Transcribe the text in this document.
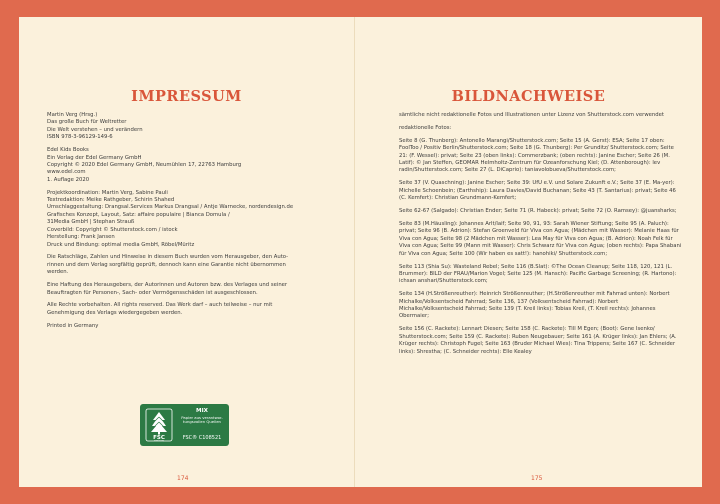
IMPRESSUM
Martin Verg (Hrsg.)
Das große Buch für Weltretter
Die Welt verstehen – und verändern
ISBN 978-3-96129-149-6
Edel Kids Books
Ein Verlag der Edel Germany GmbH
Copyright © 2020 Edel Germany GmbH, Neumühlen 17, 22763 Hamburg
www.edel.com
1. Auflage 2020
Projektkoordination: Martin Verg, Sabine Pauli
Textredaktion: Meike Rathgeber, Schirin Shahed
Umschlaggestaltung: Drangsal.Services Markus Drangsal / Antje Warnecke, nordendesign.de
Grafisches Konzept, Layout, Satz: affaire populaire | Bianca Domula /
31Media GmbH | Stephan Strauß
Coverbild: Copyright © Shutterstock.com / istock
Herstellung: Frank Jansen
Druck und Bindung: optimal media GmbH, Röbel/Müritz
Die Ratschläge, Zahlen und Hinweise in diesem Buch wurden vom Herausgeber, den Auto-
rinnen und dem Verlag sorgfältig geprüft, dennoch kann eine Garantie nicht übernommen
werden.
Eine Haftung des Herausgebers, der Autorinnen und Autoren bzw. des Verlages und seiner
Beauftragten für Personen-, Sach- oder Vermögensschäden ist ausgeschlossen.
Alle Rechte vorbehalten. All rights reserved. Das Werk darf – auch teilweise – nur mit
Genehmigung des Verlags wiedergegeben werden.
Printed in Germany
FSC
www.fsc.org
MIX
Papier aus verantwor-
tungsvollen Quellen
FSC® C108521
174
BILDNACHWEISE
sämtliche nicht redaktionelle Fotos und Illustrationen unter Lizenz von Shutterstock.com verwendet
redaktionelle Fotos:
Seite 8 (G. Thunberg): Antonello Marangi/Shutterstock.com; Seite 15 (A. Gerst): ESA; Seite 17 oben: FoolToo / Positiv Berlin/Shutterstock.com; Seite 18 (G. Thunberg): Per Grunditz/ Shutterstock.com; Seite 21: (F. Wessel): privat; Seite 23 (oben links): Commerzbank; (oben rechts): Janine Escher; Seite 26 (M. Latif): © Jan Steffen, GEOMAR Helmholtz-Zentrum für Ozeanforschung Kiel; (D. Attenborough): lev radin/Shutterstock.com; Seite 27 (L. DiCaprio): taniavolobueva/Shutterstock.com;
Seite 37 (V. Quaschning): Janine Escher; Seite 39: UfU e.V. und Solare Zukunft e.V.; Seite 37 (E. Ma-yer): Michelle Schoenbein; (Earthship): Laura Davies/David Buchanan; Seite 43 (T. Santarius): privat; Seite 46 (C. Kemfert): Christian Grundmann-Kemfert;
Seite 62-67 (Salgado): Christian Ender; Seite 71 (R. Habeck): privat; Seite 72 (O. Ramsey): @juansharks;
Seite 83 (M.Häusling): Johannes Arlt/laif; Seite 90, 91, 93: Sarah Wiener Stiftung; Seite 95 (A. Paluch): privat; Seite 96 (B. Adrion): Stefan Groenveld für Viva con Agua; (Mädchen mit Wasser): Melanie Haas für Viva con Agua; Seite 98 (2 Mädchen mit Wasser): Lea May für Viva con Agua; (B. Adrion): Noah Felk für Viva con Agua; Seite 99 (Mann mit Wasser): Chris Schwarz für Viva con Agua; (oben rechts): Papa Shabani für Viva con Agua; Seite 100 (Wir haben es satt!): hanohiki/ Shutterstock.com;
Seite 113 (Shia Su): Wasteland Rebel; Seite 116 (B.Slat): ©The Ocean Cleanup; Seite 118, 120, 121 (L. Brummer): BILD der FRAU/Marion Vogel; Seite 125 (M. Hansch): Pacific Garbage Screening; (R. Hartono): ichsan anshari/Shutterstock.com;
Seite 134 (H.Strößenreuther): Heinrich Strößenreuther; (H.Strößenreuther mit Fahrrad unten): Norbert Michalke/Volksentscheid Fahrrad; Seite 136, 137 (Volksentscheid Fahrrad): Norbert Michalke/Volksentscheid Fahrrad; Seite 139 (T. Kreil links): Tobias Kreil, (T. Kreil rechts): Johannes Obermaier;
Seite 156 (C. Rackete): Lennart Diesen; Seite 158 (C. Rackete): Till M Egen; (Boot): Gene Isenko/ Shutterstock.com; Seite 159 (C. Rackete): Ruben Neugebauer; Seite 161 (A. Krüger links): Jan Ehlers; (A. Krüger rechts): Christoph Fugel; Seite 163 (Bruder Michael Wies): Tina Trippens; Seite 167 (C. Schneider links): Shrestha; (C. Schneider rechts): Elle Kealey
175
